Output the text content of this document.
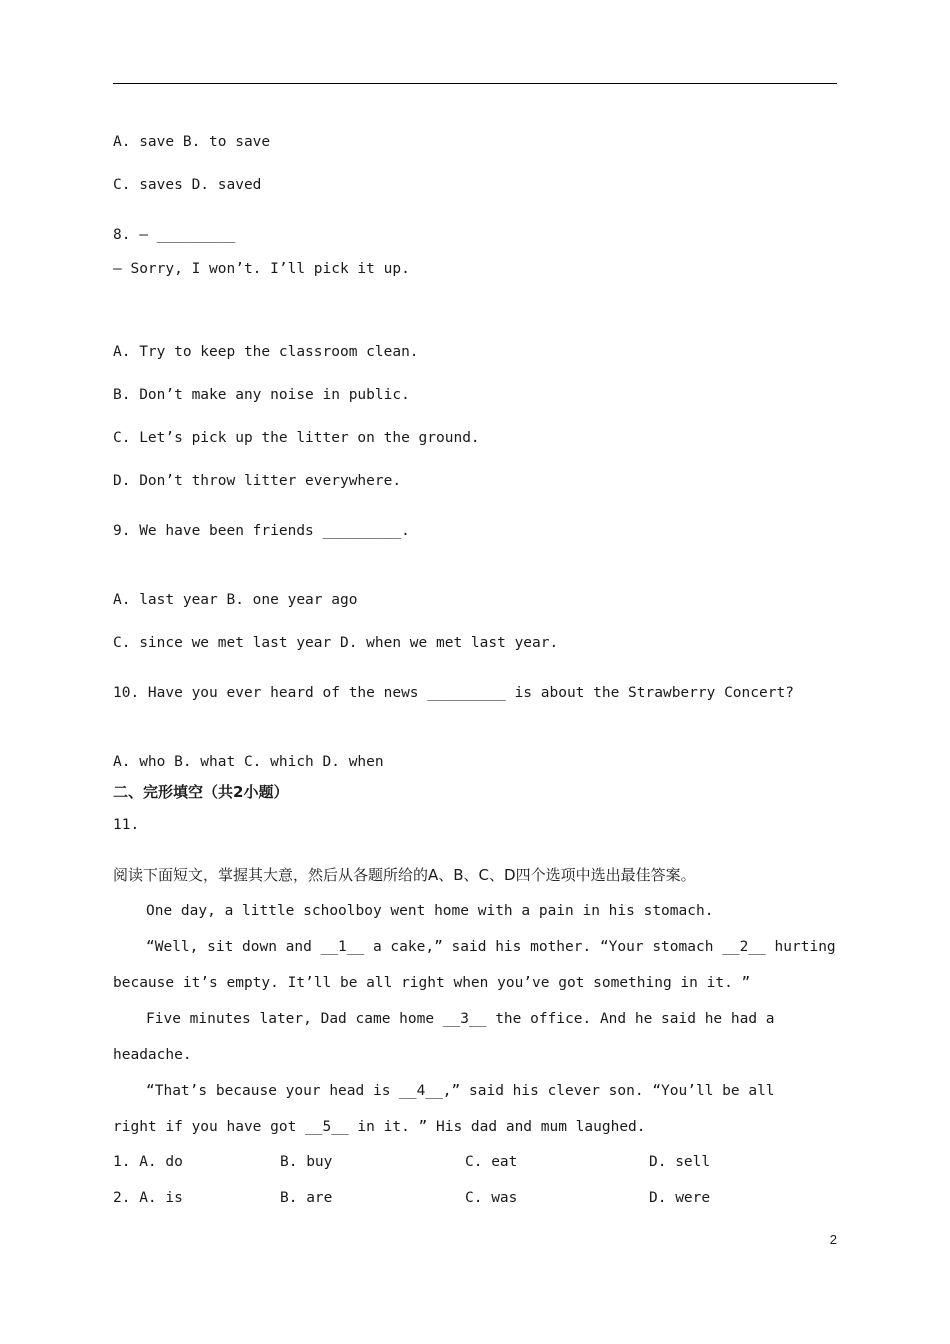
A. save B. to save
C. saves D. saved
8. — _________
— Sorry, I won’t. I’ll pick it up.
A. Try to keep the classroom clean.
B. Don’t make any noise in public.
C. Let’s pick up the litter on the ground.
D. Don’t throw litter everywhere.
9. We have been friends _________.
A. last year B. one year ago
C. since we met last year D. when we met last year.
10. Have you ever heard of the news _________ is about the Strawberry Concert?
A. who B. what C. which D. when
二、完形填空（共2小题）
11.
阅读下面短文，掌握其大意，然后从各题所给的A、B、C、D四个选项中选出最佳答案。
One day, a little schoolboy went home with a pain in his stomach.
“Well, sit down and __1__ a cake,” said his mother. “Your stomach __2__ hurting
because it’s empty. It’ll be all right when you’ve got something in it. ”
Five minutes later, Dad came home __3__ the office. And he said he had a
headache.
“That’s because your head is __4__,” said his clever son. “You’ll be all
right if you have got __5__ in it. ” His dad and mum laughed.
1. A. do	B. buy	C. eat	D. sell
2. A. is	B. are	C. was	D. were
2
